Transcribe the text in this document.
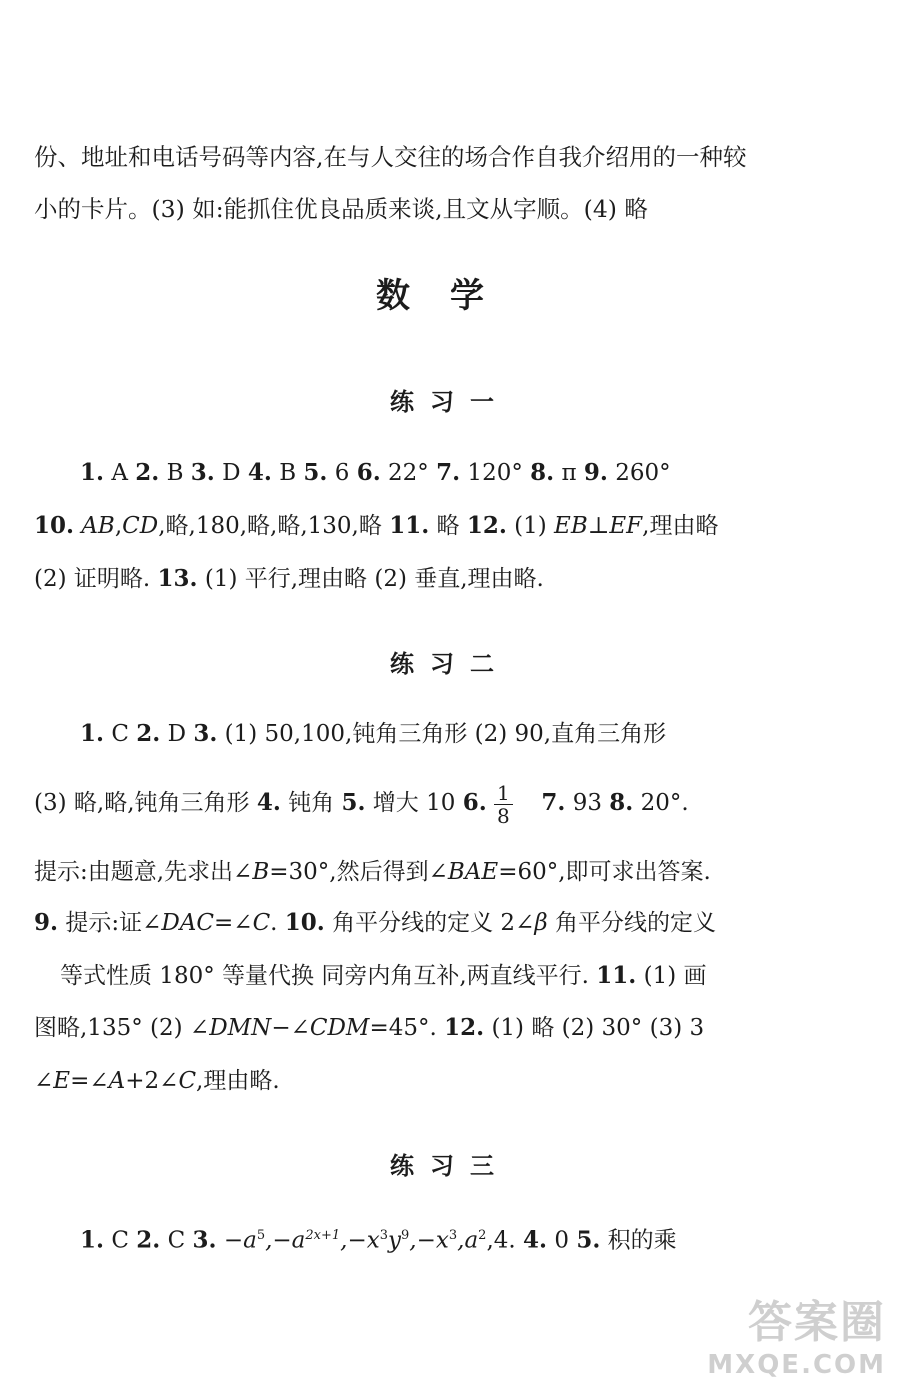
份、地址和电话号码等内容,在与人交往的场合作自我介绍用的一种较
小的卡片。(3) 如:能抓住优良品质来谈,且文从字顺。(4) 略
数学
练习一
1. A 2. B 3. D 4. B 5. 6 6. 22° 7. 120° 8. π 9. 260°
10. AB,CD,略,180,略,略,130,略 11. 略 12. (1) EB⊥EF,理由略
(2) 证明略. 13. (1) 平行,理由略 (2) 垂直,理由略.
练习二
1. C 2. D 3. (1) 50,100,钝角三角形 (2) 90,直角三角形
(3) 略,略,钝角三角形 4. 钝角 5. 增大 10 6. $\frac{1}{8} 7$. 93 8. 20°.
提示:由题意,先求出∠B=30°,然后得到∠BAE=60°,即可求出答案.
9. 提示:证∠DAC=∠C. 10. 角平分线的定义 2∠β 角平分线的定义
等式性质 180° 等量代换 同旁内角互补,两直线平行. 11. (1) 画
图略,135° (2) ∠DMN−∠CDM=45°. 12. (1) 略 (2) 30° (3) 3
∠E=∠A+2∠C,理由略.
练习三
1. C 2. C 3. $-a^5,-a^{2x+1},-x^3y^9,-x^3,a^2,4$. 4. 0 5. 积的乘
答案圈
MXQE.COM
